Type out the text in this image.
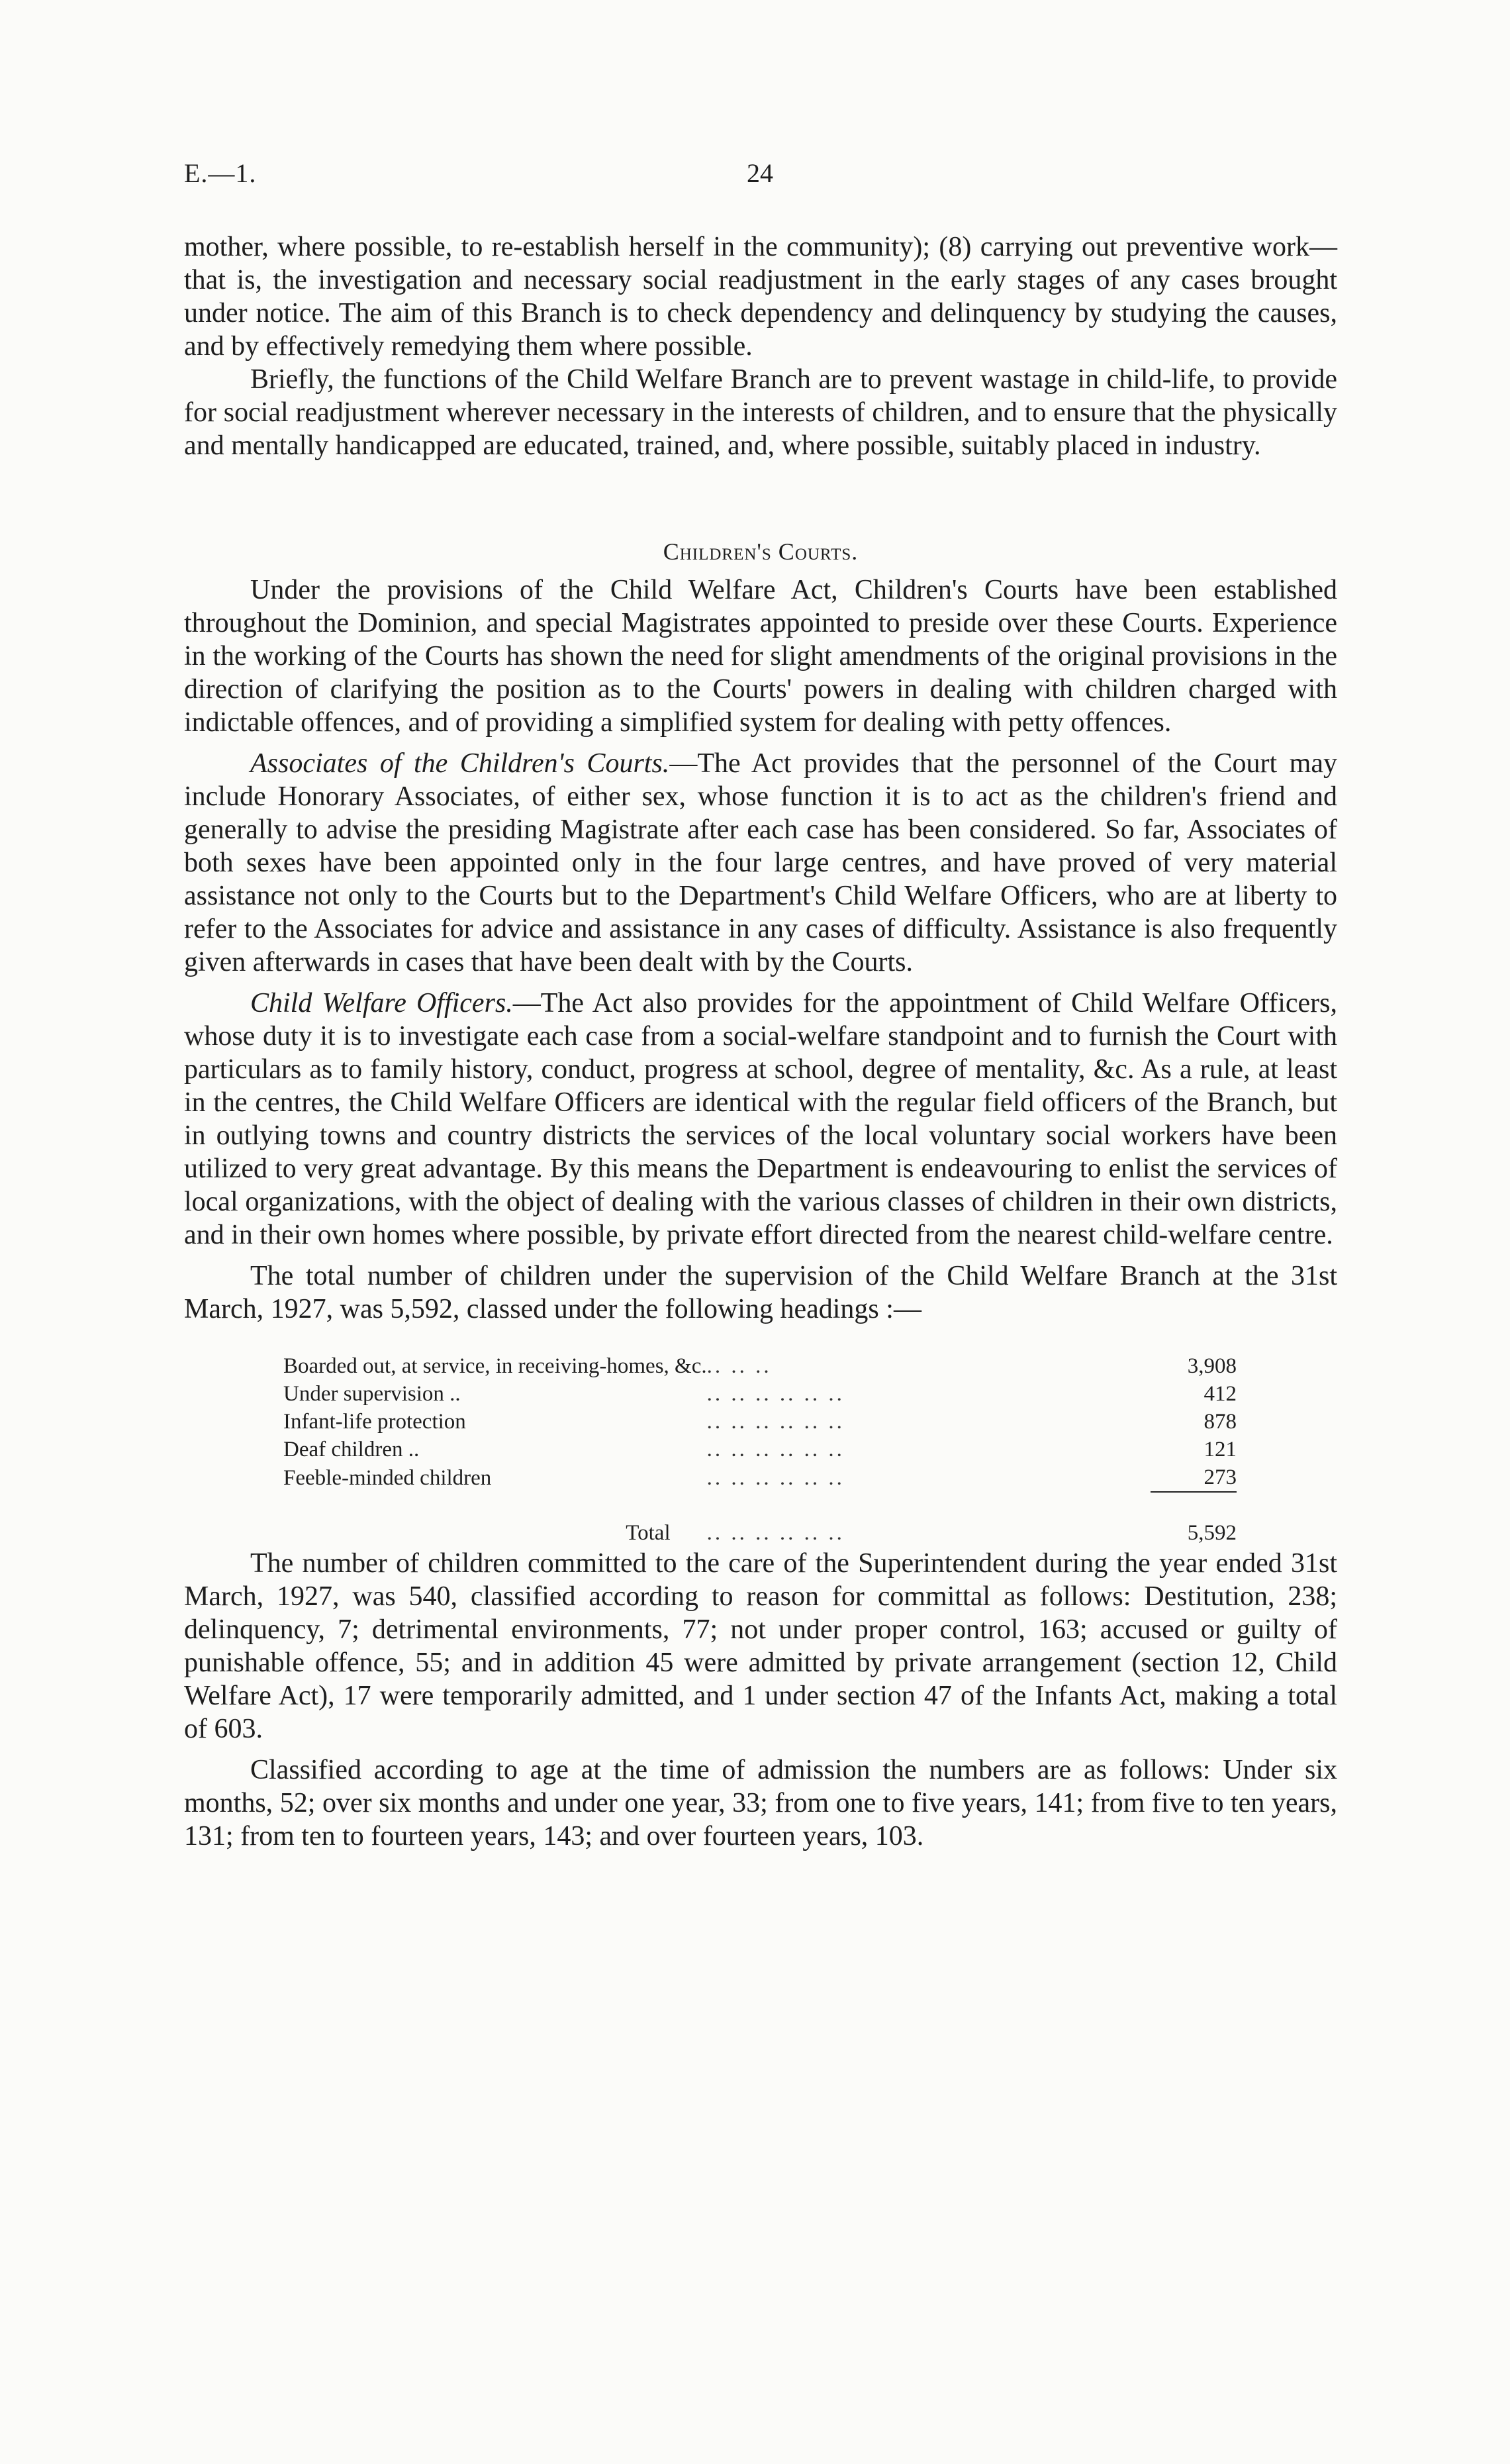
E.—1.	24

mother, where possible, to re-establish herself in the community); (8) carrying out preventive work—that is, the investigation and necessary social readjustment in the early stages of any cases brought under notice. The aim of this Branch is to check dependency and delinquency by studying the causes, and by effectively remedying them where possible.

Briefly, the functions of the Child Welfare Branch are to prevent wastage in child-life, to provide for social readjustment wherever necessary in the interests of children, and to ensure that the physically and mentally handicapped are educated, trained, and, where possible, suitably placed in industry.

Children's Courts.

Under the provisions of the Child Welfare Act, Children's Courts have been established throughout the Dominion, and special Magistrates appointed to preside over these Courts. Experience in the working of the Courts has shown the need for slight amendments of the original provisions in the direction of clarifying the position as to the Courts' powers in dealing with children charged with indictable offences, and of providing a simplified system for dealing with petty offences.

Associates of the Children's Courts.—The Act provides that the personnel of the Court may include Honorary Associates, of either sex, whose function it is to act as the children's friend and generally to advise the presiding Magistrate after each case has been considered. So far, Associates of both sexes have been appointed only in the four large centres, and have proved of very material assistance not only to the Courts but to the Department's Child Welfare Officers, who are at liberty to refer to the Associates for advice and assistance in any cases of difficulty. Assistance is also frequently given afterwards in cases that have been dealt with by the Courts.

Child Welfare Officers.—The Act also provides for the appointment of Child Welfare Officers, whose duty it is to investigate each case from a social-welfare standpoint and to furnish the Court with particulars as to family history, conduct, progress at school, degree of mentality, &c. As a rule, at least in the centres, the Child Welfare Officers are identical with the regular field officers of the Branch, but in outlying towns and country districts the services of the local voluntary social workers have been utilized to very great advantage. By this means the Department is endeavouring to enlist the services of local organizations, with the object of dealing with the various classes of children in their own districts, and in their own homes where possible, by private effort directed from the nearest child-welfare centre.

The total number of children under the supervision of the Child Welfare Branch at the 31st March, 1927, was 5,592, classed under the following headings :—

Boarded out, at service, in receiving-homes, &c.	.. .. ..	3,908
Under supervision ..	.. .. .. .. .. ..	412
Infant-life protection	.. .. .. .. .. ..	878
Deaf children ..	.. .. .. .. .. ..	121
Feeble-minded children	.. .. .. .. .. ..	273
Total	.. .. .. .. .. ..	5,592

The number of children committed to the care of the Superintendent during the year ended 31st March, 1927, was 540, classified according to reason for committal as follows: Destitution, 238; delinquency, 7; detrimental environments, 77; not under proper control, 163; accused or guilty of punishable offence, 55; and in addition 45 were admitted by private arrangement (section 12, Child Welfare Act), 17 were temporarily admitted, and 1 under section 47 of the Infants Act, making a total of 603.

Classified according to age at the time of admission the numbers are as follows: Under six months, 52; over six months and under one year, 33; from one to five years, 141; from five to ten years, 131; from ten to fourteen years, 143; and over fourteen years, 103.
